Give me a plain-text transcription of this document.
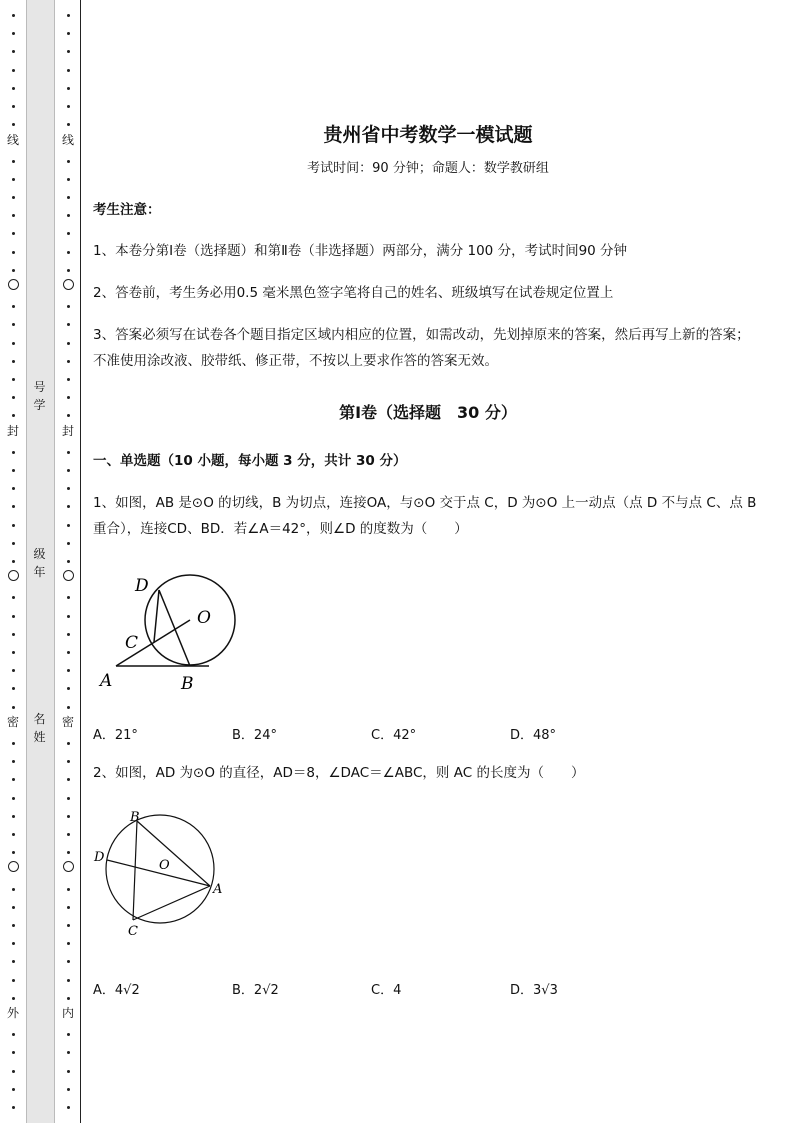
线
封
密
外
线
封
密
内
号
学
级
年
名
姓
贵州省中考数学一模试题
考试时间：90 分钟；命题人：数学教研组
考生注意：
1、本卷分第Ⅰ卷（选择题）和第Ⅱ卷（非选择题）两部分，满分 100 分，考试时间90 分钟
2、答卷前，考生务必用0.5 毫米黑色签字笔将自己的姓名、班级填写在试卷规定位置上
3、答案必须写在试卷各个题目指定区域内相应的位置，如需改动，先划掉原来的答案，然后再写上新的答案；不准使用涂改液、胶带纸、修正带，不按以上要求作答的答案无效。
第Ⅰ卷（选择题　30 分）
一、单选题（10 小题，每小题 3 分，共计 30 分）
1、如图，AB 是⊙O 的切线，B 为切点，连接OA，与⊙O 交于点 C，D 为⊙O 上一动点（点 D 不与点 C、点 B 重合），连接CD、BD．若∠A＝42°，则∠D 的度数为（　　）
D
C
O
A	B
A．21°	B．24°	C．42°	D．48°
2、如图，AD 为⊙O 的直径，AD＝8，∠DAC＝∠ABC，则 AC 的长度为（　　）
B
D
O
A
C
A．4√2	B．2√2	C．4	D．3√3
